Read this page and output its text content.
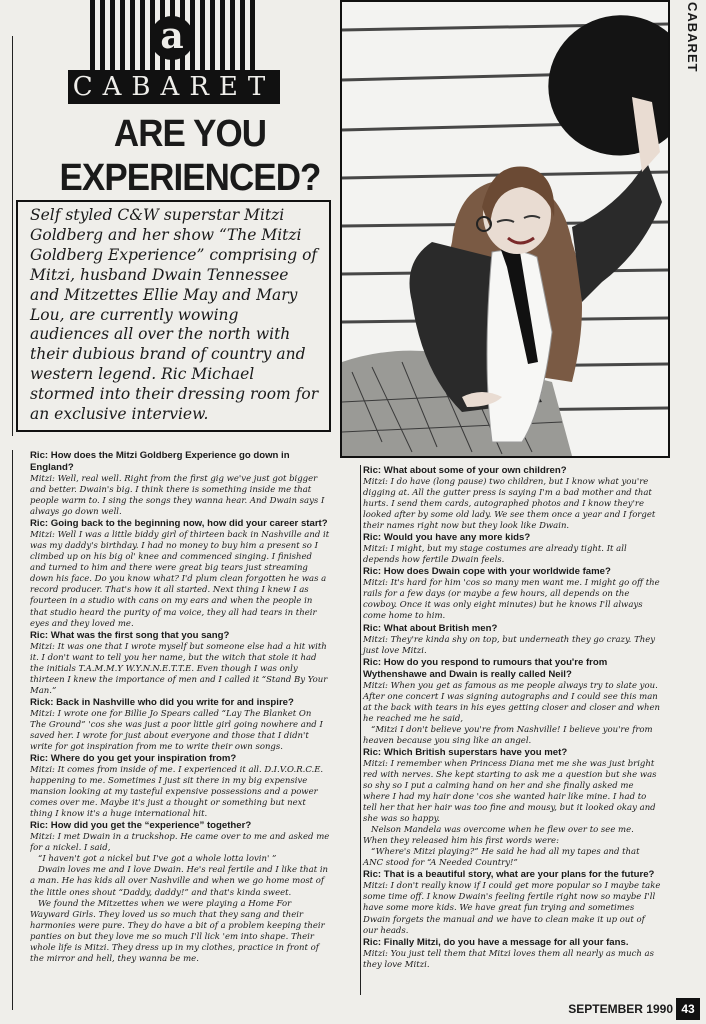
a
CABARET
ARE YOU
EXPERIENCED?
Self styled C&W superstar Mitzi Goldberg and her show “The Mitzi Goldberg Experience” comprising of Mitzi, husband Dwain Tennessee and Mitzettes Ellie May and Mary Lou, are currently wowing audiences all over the north with their dubious brand of country and western legend. Ric Michael stormed into their dressing room for an exclusive interview.
CABARET
Ric: How does the Mitzi Goldberg Experience go down in England?

Mitzi: Well, real well. Right from the first gig we've just got bigger and better. Dwain's big. I think there is something inside me that people warm to. I sing the songs they wanna hear. And Dwain says I always go down well.

Ric: Going back to the beginning now, how did your career start?

Mitzi: Well I was a little biddy girl of thirteen back in Nashville and it was my daddy's birthday. I had no money to buy him a present so I climbed up on his big ol' knee and commenced singing. I finished and turned to him and there were great big tears just streaming down his face. Do you know what? I'd plum clean forgotten he was a record producer. That's how it all started. Next thing I knew I as fourteen in a studio with cans on my ears and when the people in that studio heard the purity of ma voice, they all had tears in their eyes and they loved me.

Ric: What was the first song that you sang?

Mitzi: It was one that I wrote myself but someone else had a hit with it. I don't want to tell you her name, but the witch that stole it had the initials T.A.M.M.Y W.Y.N.N.E.T.T.E. Even though I was only thirteen I knew the importance of men and I called it “Stand By Your Man.”

Rick: Back in Nashville who did you write for and inspire?

Mitzi: I wrote one for Billie Jo Spears called “Lay The Blanket On The Ground” 'cos she was just a poor little girl going nowhere and I saved her. I wrote for just about everyone and those that I didn't write for got inspiration from me to write their own songs.

Ric: Where do you get your inspiration from?

Mitzi: It comes from inside of me. I experienced it all. D.I.V.O.R.C.E. happening to me. Sometimes I just sit there in my big expensive mansion looking at my tasteful expensive possessions and a power comes over me. Maybe it's just a thought or something but next thing I know it's a huge international hit.

Ric: How did you get the “experience” together?

Mitzi: I met Dwain in a truckshop. He came over to me and asked me for a nickel. I said,

“I haven't got a nickel but I've got a whole lotta lovin' ”

Dwain loves me and I love Dwain. He's real fertile and I like that in a man. He has kids all over Nashville and when we go home most of the little ones shout “Daddy, daddy!” and that's kinda sweet.

We found the Mitzettes when we were playing a Home For Wayward Girls. They loved us so much that they sang and their harmonies were pure. They do have a bit of a problem keeping their panties on but they love me so much I'll lick 'em into shape. Their whole life is Mitzi. They dress up in my clothes, practice in front of the mirror and hell, they wanna be me.

Ric: What about some of your own children?

Mitzi: I do have (long pause) two children, but I know what you're digging at. All the gutter press is saying I'm a bad mother and that hurts. I send them cards, autographed photos and I know they're looked after by some old lady. We see them once a year and I forget their names right now but they look like Dwain.

Ric: Would you have any more kids?

Mitzi: I might, but my stage costumes are already tight. It all depends how fertile Dwain feels.

Ric: How does Dwain cope with your worldwide fame?

Mitzi: It's hard for him 'cos so many men want me. I might go off the rails for a few days (or maybe a few hours, all depends on the cowboy. Once it was only eight minutes) but he knows I'll always come home to him.

Ric: What about British men?

Mitzi: They're kinda shy on top, but underneath they go crazy. They just love Mitzi.

Ric: How do you respond to rumours that you're from Wythenshawe and Dwain is really called Neil?

Mitzi: When you get as famous as me people always try to slate you. After one concert I was signing autographs and I could see this man at the back with tears in his eyes getting closer and closer and when he reached me he said,

“Mitzi I don't believe you're from Nashville! I believe you're from heaven because you sing like an angel.

Ric: Which British superstars have you met?

Mitzi: I remember when Princess Diana met me she was just bright red with nerves. She kept starting to ask me a question but she was so shy so I put a calming hand on her and she finally asked me where I had my hair done 'cos she wanted hair like mine. I had to tell her that her hair was too fine and mousy, but it looked okay and she was so happy.

Nelson Mandela was overcome when he flew over to see me. When they released him his first words were:

“Where's Mitzi playing?” He said he had all my tapes and that ANC stood for “A Needed Country!”

Ric: That is a beautiful story, what are your plans for the future?

Mitzi: I don't really know if I could get more popular so I maybe take some time off. I know Dwain's feeling fertile right now so maybe I'll have some more kids. We have great fun trying and sometimes Dwain forgets the manual and we have to clean make it up out of our heads.

Ric: Finally Mitzi, do you have a message for all your fans.

Mitzi: You just tell them that Mitzi loves them all nearly as much as they love Mitzi.

SEPTEMBER 1990 43
